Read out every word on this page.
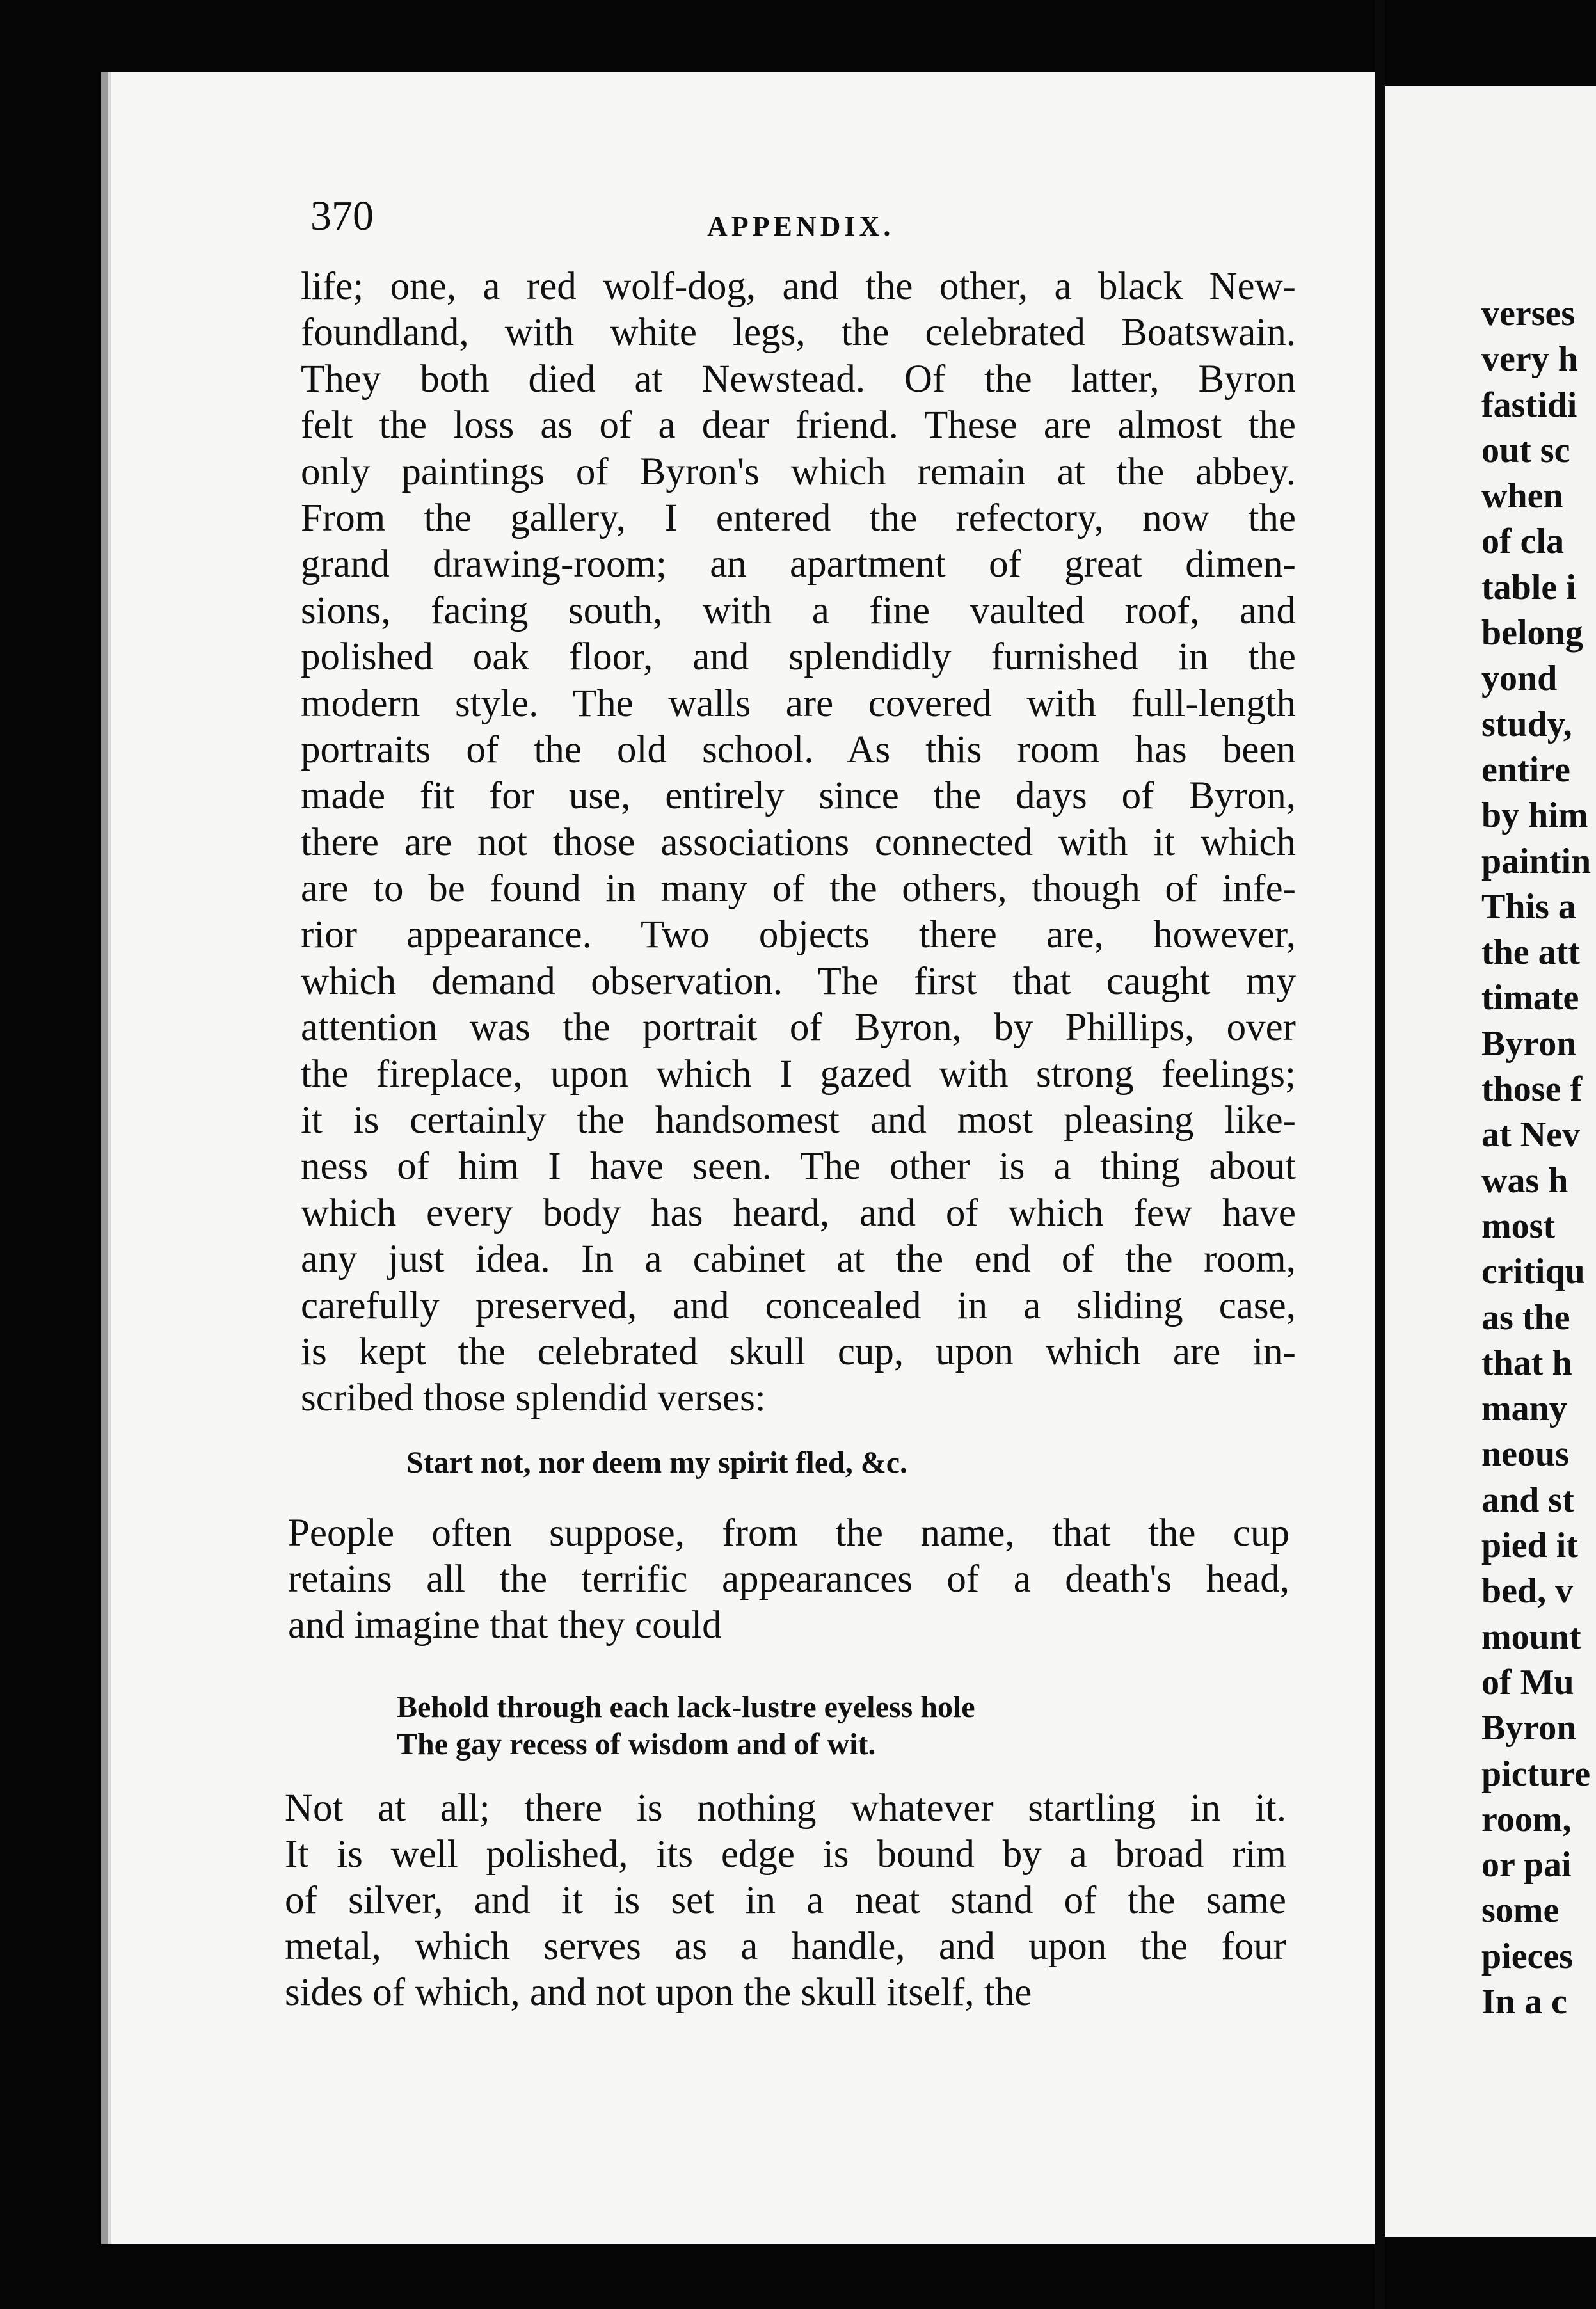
370	APPENDIX.
life; one, a red wolf-dog, and the other, a black New-
foundland, with white legs, the celebrated Boatswain.
They both died at Newstead. Of the latter, Byron
felt the loss as of a dear friend. These are almost the
only paintings of Byron's which remain at the abbey.
From the gallery, I entered the refectory, now the
grand drawing-room; an apartment of great dimen-
sions, facing south, with a fine vaulted roof, and
polished oak floor, and splendidly furnished in the
modern style. The walls are covered with full-length
portraits of the old school. As this room has been
made fit for use, entirely since the days of Byron,
there are not those associations connected with it which
are to be found in many of the others, though of infe-
rior appearance. Two objects there are, however,
which demand observation. The first that caught my
attention was the portrait of Byron, by Phillips, over
the fireplace, upon which I gazed with strong feelings;
it is certainly the handsomest and most pleasing like-
ness of him I have seen. The other is a thing about
which every body has heard, and of which few have
any just idea. In a cabinet at the end of the room,
carefully preserved, and concealed in a sliding case,
is kept the celebrated skull cup, upon which are in-
scribed those splendid verses:
Start not, nor deem my spirit fled, &c.
People often suppose, from the name, that the cup
retains all the terrific appearances of a death's head,
and imagine that they could
Behold through each lack-lustre eyeless hole
The gay recess of wisdom and of wit.
Not at all; there is nothing whatever startling in it.
It is well polished, its edge is bound by a broad rim
of silver, and it is set in a neat stand of the same
metal, which serves as a handle, and upon the four
sides of which, and not upon the skull itself, the
verses
very h
fastidi
out sc
when
of cla
table i
belong
yond
study,
entire
by him
paintin
This a
the att
timate
Byron
those f
at Nev
was h
most
critiqu
as the
that h
many
neous
and st
pied it
bed, v
mount
of Mu
Byron
picture
room,
or pai
some
pieces
In a c
